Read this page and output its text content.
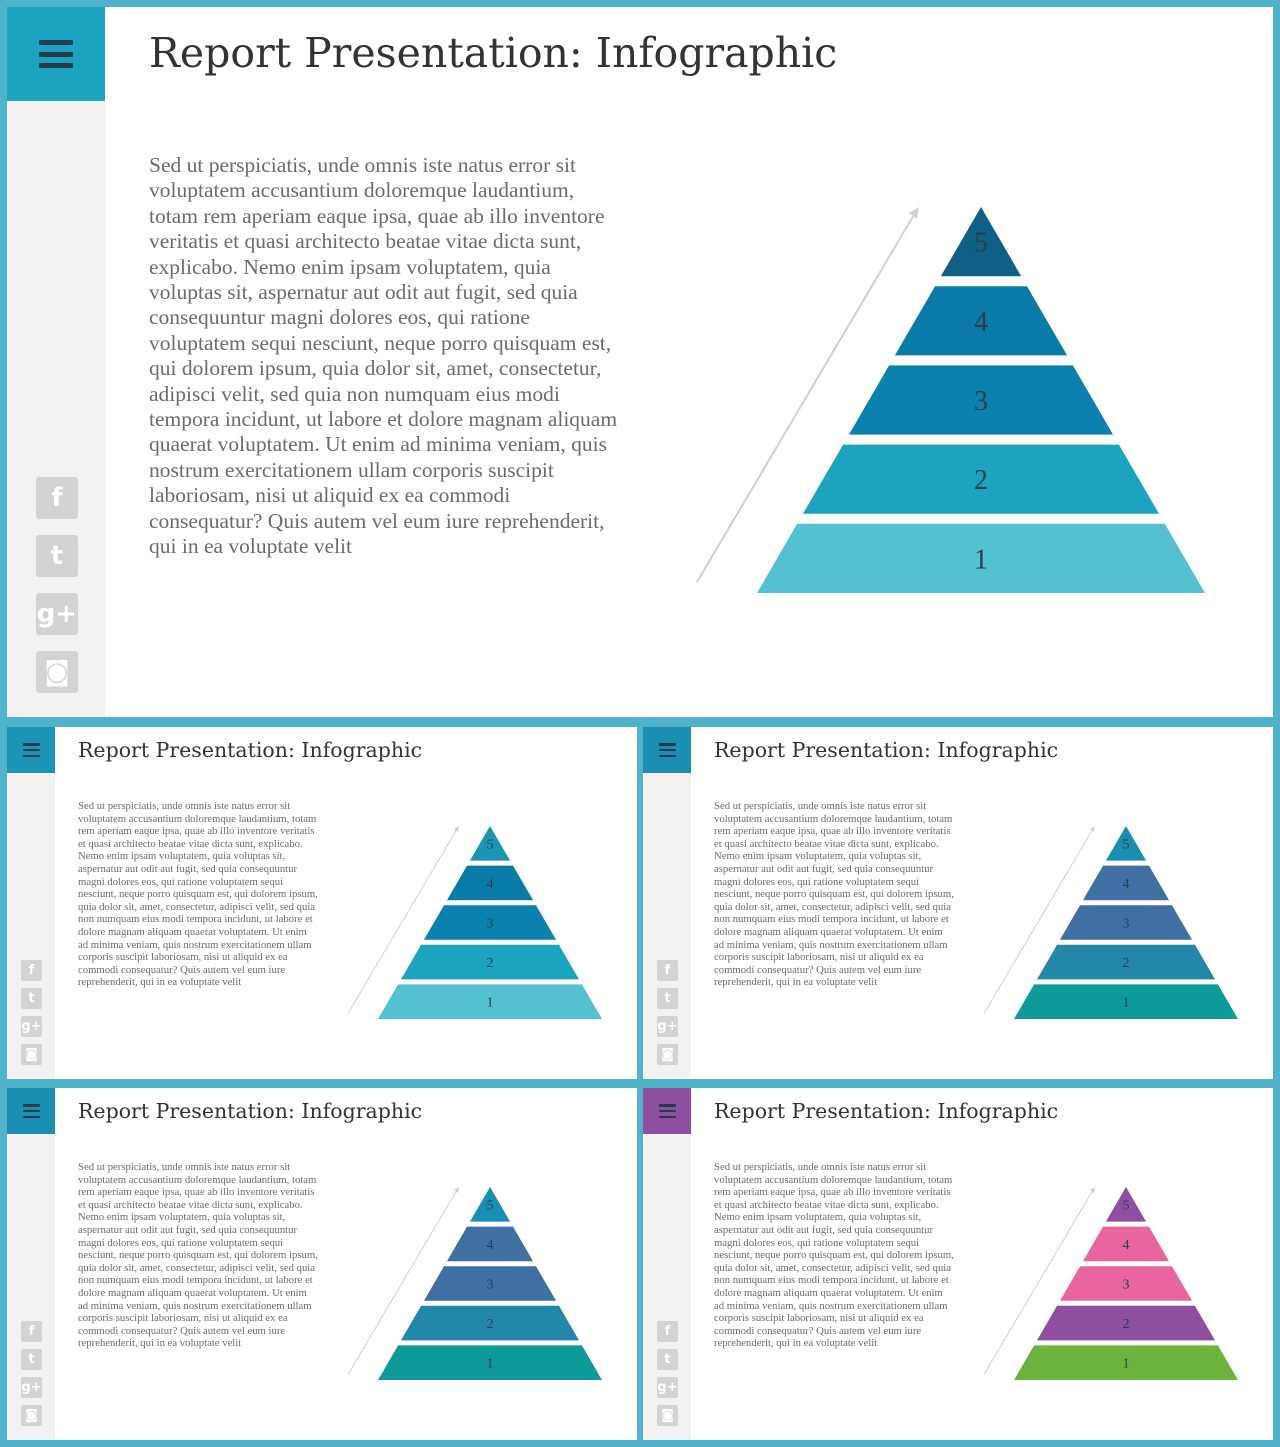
Report Presentation: Infographic

Sed ut perspiciatis, unde omnis iste natus error sit voluptatem accusantium doloremque laudantium, totam rem aperiam eaque ipsa, quae ab illo inventore veritatis et quasi architecto beatae vitae dicta sunt, explicabo. Nemo enim ipsam voluptatem, quia voluptas sit, aspernatur aut odit aut fugit, sed quia consequuntur magni dolores eos, qui ratione voluptatem sequi nesciunt, neque porro quisquam est, qui dolorem ipsum, quia dolor sit, amet, consectetur, adipisci velit, sed quia non numquam eius modi tempora incidunt, ut labore et dolore magnam aliquam quaerat voluptatem. Ut enim ad minima veniam, quis nostrum exercitationem ullam corporis suscipit laboriosam, nisi ut aliquid ex ea commodi consequatur? Quis autem vel eum iure reprehenderit, qui in ea voluptate velit

f
t
g+
◙
1
2
3
4
5
Report Presentation: Infographic

Sed ut perspiciatis, unde omnis iste natus error sit voluptatem accusantium doloremque laudantium, totam rem aperiam eaque ipsa, quae ab illo inventore veritatis et quasi architecto beatae vitae dicta sunt, explicabo. Nemo enim ipsam voluptatem, quia voluptas sit, aspernatur aut odit aut fugit, sed quia consequuntur magni dolores eos, qui ratione voluptatem sequi nesciunt, neque porro quisquam est, qui dolorem ipsum, quia dolor sit, amet, consectetur, adipisci velit, sed quia non numquam eius modi tempora incidunt, ut labore et dolore magnam aliquam quaerat voluptatem. Ut enim ad minima veniam, quis nostrum exercitationem ullam corporis suscipit laboriosam, nisi ut aliquid ex ea commodi consequatur? Quis autem vel eum iure reprehenderit, qui in ea voluptate velit

f
t
g+
◙
1
2
3
4
5
Report Presentation: Infographic

Sed ut perspiciatis, unde omnis iste natus error sit voluptatem accusantium doloremque laudantium, totam rem aperiam eaque ipsa, quae ab illo inventore veritatis et quasi architecto beatae vitae dicta sunt, explicabo. Nemo enim ipsam voluptatem, quia voluptas sit, aspernatur aut odit aut fugit, sed quia consequuntur magni dolores eos, qui ratione voluptatem sequi nesciunt, neque porro quisquam est, qui dolorem ipsum, quia dolor sit, amet, consectetur, adipisci velit, sed quia non numquam eius modi tempora incidunt, ut labore et dolore magnam aliquam quaerat voluptatem. Ut enim ad minima veniam, quis nostrum exercitationem ullam corporis suscipit laboriosam, nisi ut aliquid ex ea commodi consequatur? Quis autem vel eum iure reprehenderit, qui in ea voluptate velit

f
t
g+
◙
1
2
3
4
5
Report Presentation: Infographic

Sed ut perspiciatis, unde omnis iste natus error sit voluptatem accusantium doloremque laudantium, totam rem aperiam eaque ipsa, quae ab illo inventore veritatis et quasi architecto beatae vitae dicta sunt, explicabo. Nemo enim ipsam voluptatem, quia voluptas sit, aspernatur aut odit aut fugit, sed quia consequuntur magni dolores eos, qui ratione voluptatem sequi nesciunt, neque porro quisquam est, qui dolorem ipsum, quia dolor sit, amet, consectetur, adipisci velit, sed quia non numquam eius modi tempora incidunt, ut labore et dolore magnam aliquam quaerat voluptatem. Ut enim ad minima veniam, quis nostrum exercitationem ullam corporis suscipit laboriosam, nisi ut aliquid ex ea commodi consequatur? Quis autem vel eum iure reprehenderit, qui in ea voluptate velit

f
t
g+
◙
1
2
3
4
5
Report Presentation: Infographic

Sed ut perspiciatis, unde omnis iste natus error sit voluptatem accusantium doloremque laudantium, totam rem aperiam eaque ipsa, quae ab illo inventore veritatis et quasi architecto beatae vitae dicta sunt, explicabo. Nemo enim ipsam voluptatem, quia voluptas sit, aspernatur aut odit aut fugit, sed quia consequuntur magni dolores eos, qui ratione voluptatem sequi nesciunt, neque porro quisquam est, qui dolorem ipsum, quia dolor sit, amet, consectetur, adipisci velit, sed quia non numquam eius modi tempora incidunt, ut labore et dolore magnam aliquam quaerat voluptatem. Ut enim ad minima veniam, quis nostrum exercitationem ullam corporis suscipit laboriosam, nisi ut aliquid ex ea commodi consequatur? Quis autem vel eum iure reprehenderit, qui in ea voluptate velit

f
t
g+
◙
1
2
3
4
5
